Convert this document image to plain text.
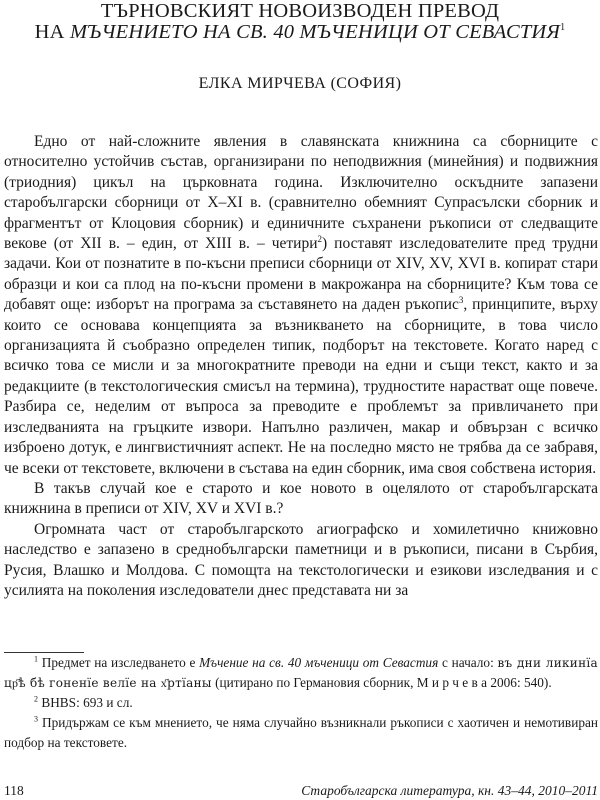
ТЪРНОВСКИЯТ НОВОИЗВОДЕН ПРЕВОД
НА МЪЧЕНИЕТО НА СВ. 40 МЪЧЕНИЦИ ОТ СЕВАСТИЯ$^1$
ЕЛКА МИРЧЕВА (СОФИЯ)

Едно от най-сложните явления в славянската книжнина са сборниците с относително устойчив състав, организирани по неподвижния (минейния) и подвижния (триодния) цикъл на църковната година. Изключително оскъдните запазени старобългарски сборници от Х–ХІ в. (сравнително обемният Супрасълски сборник и фрагментът от Клоцовия сборник) и единичните съхранени ръкописи от следващите векове (от ХІІ в. – един, от ХІІІ в. – четири$^2$) поставят изследователите пред трудни задачи. Кои от познатите в по-късни преписи сборници от ХІV, ХV, ХVІ в. копират стари образци и кои са плод на по-късни промени в макрожанра на сборниците? Към това се добавят още: изборът на програма за съставянето на даден ръкопис$^3$, принципите, върху които се основава концепцията за възникването на сборниците, в това число организацията й съобразно определен типик, подборът на текстовете. Когато наред с всичко това се мисли и за многократните преводи на едни и същи текст, както и за редакциите (в текстологическия смисъл на термина), трудностите нарастват още повече. Разбира се, неделим от въпроса за преводите е проблемът за привличането при изследванията на гръцките извори. Напълно различен, макар и обвързан с всичко изброено дотук, е лингвистичният аспект. Не на последно място не трябва да се забравя, че всеки от текстовете, включени в състава на един сборник, има своя собствена история.

В такъв случай кое е старото и кое новото в оцелялото от старобългарската книжнина в преписи от ХІV, ХV и ХVІ в.?

Огромната част от старобългарското агиографско и хомилетично книжовно наследство е запазено в среднобългарски паметници и в ръкописи, писани в Сърбия, Русия, Влашко и Молдова. С помощта на текстологически и езикови изследвания и с усилията на поколения изследователи днес представата ни за

$^1$ Предмет на изследването е Мъчение на св. 40 мъченици от Севастия с начало: въ дни ликинїа цр҃ѣ бѣ гоненїе велїе на х҃ртїаны (цитирано по Германовия сборник, М и р ч е в а 2006: 540).

$^2$ BHBS: 693 и сл.

$^3$ Придържам се към мнението, че няма случайно възникнали ръкописи с хаотичен и немотивиран подбор на текстовете.

118	Старобългарска литература, кн. 43–44, 2010–2011
